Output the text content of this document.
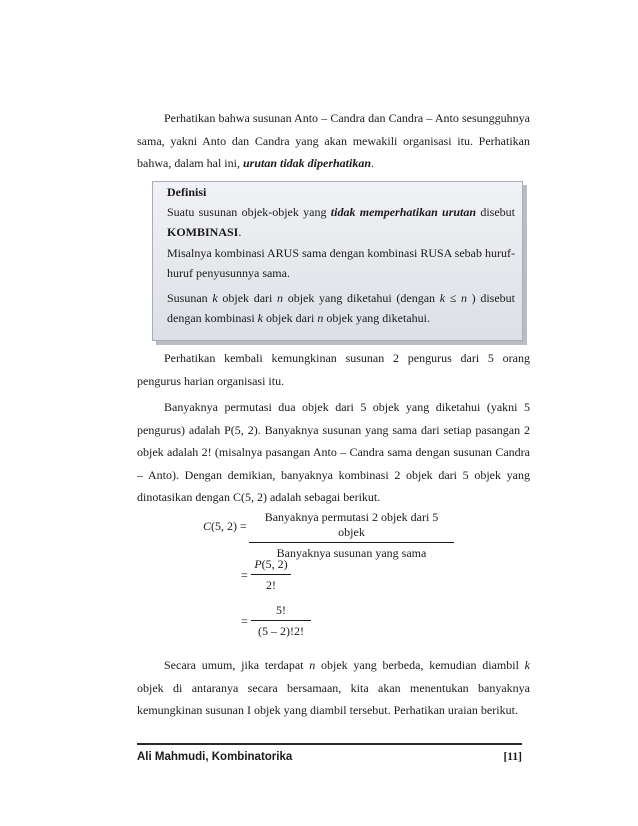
Perhatikan bahwa susunan Anto – Candra dan Candra – Anto sesungguhnya sama, yakni Anto dan Candra yang akan mewakili organisasi itu. Perhatikan bahwa, dalam hal ini, urutan tidak diperhatikan.

Definisi
Suatu susunan objek-objek yang tidak memperhatikan urutan disebut KOMBINASI.
Misalnya kombinasi ARUS sama dengan kombinasi RUSA sebab huruf-huruf penyusunnya sama.
Susunan k objek dari n objek yang diketahui (dengan k ≤ n ) disebut dengan kombinasi k objek dari n objek yang diketahui.

Perhatikan kembali kemungkinan susunan 2 pengurus dari 5 orang pengurus harian organisasi itu.

Banyaknya permutasi dua objek dari 5 objek yang diketahui (yakni 5 pengurus) adalah P(5, 2). Banyaknya susunan yang sama dari setiap pasangan 2 objek adalah 2! (misalnya pasangan Anto – Candra sama dengan susunan Candra – Anto). Dengan demikian, banyaknya kombinasi 2 objek dari 5 objek yang dinotasikan dengan C(5, 2) adalah sebagai berikut.

C(5, 2) =
Banyaknya permutasi 2 objek dari 5 objek
Banyaknya susunan yang sama
=
P(5, 2)
2!
=
5!
(5 – 2)!2!

Secara umum, jika terdapat n objek yang berbeda, kemudian diambil k objek di antaranya secara bersamaan, kita akan menentukan banyaknya kemungkinan susunan I objek yang diambil tersebut. Perhatikan uraian berikut.

Ali Mahmudi, Kombinatorika	[11]
